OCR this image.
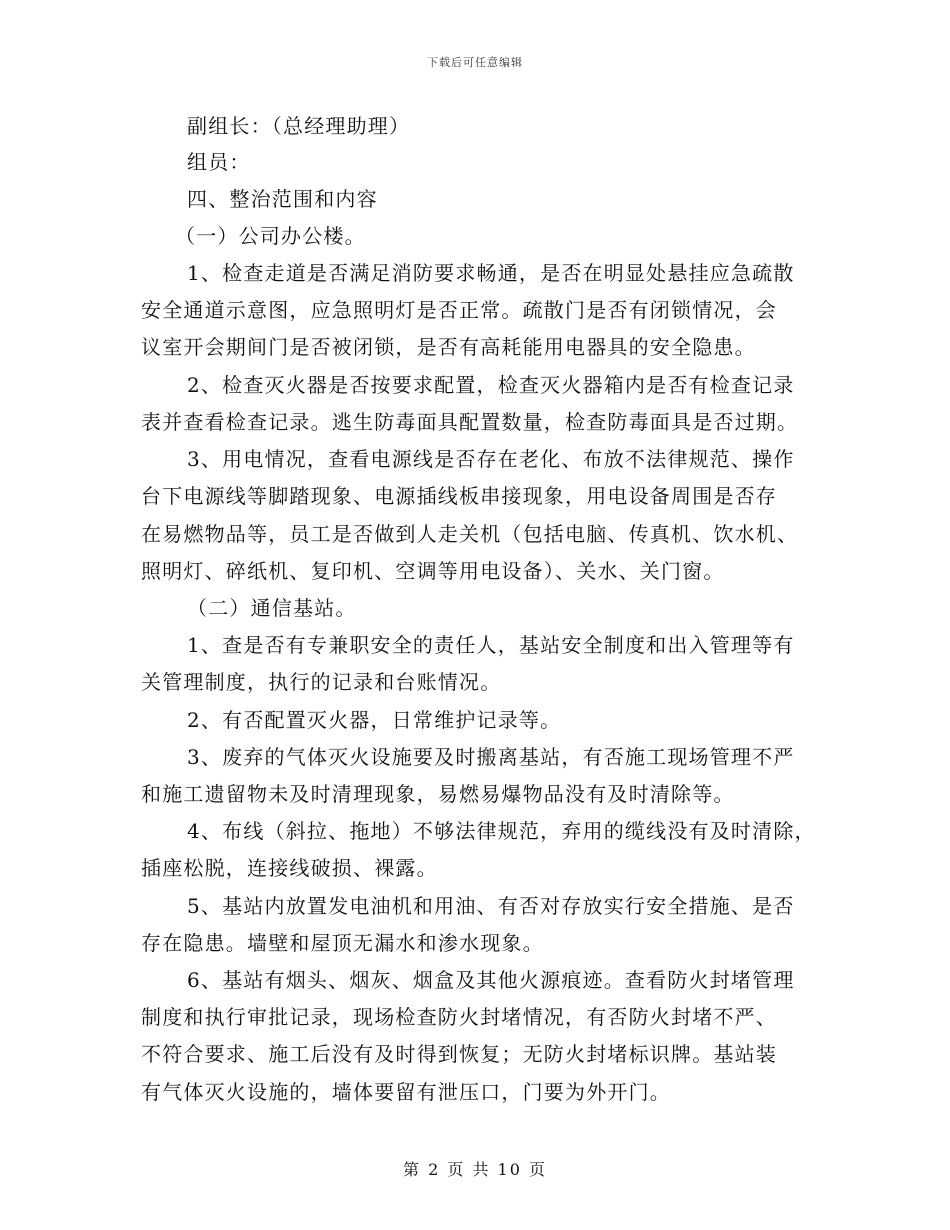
下载后可任意编辑
副组长：（总经理助理）
组员：
四、整治范围和内容
（一）公司办公楼。
1、检查走道是否满足消防要求畅通，是否在明显处悬挂应急疏散
安全通道示意图，应急照明灯是否正常。疏散门是否有闭锁情况，会
议室开会期间门是否被闭锁，是否有高耗能用电器具的安全隐患。
2、检查灭火器是否按要求配置，检查灭火器箱内是否有检查记录
表并查看检查记录。逃生防毒面具配置数量，检查防毒面具是否过期。
3、用电情况，查看电源线是否存在老化、布放不法律规范、操作
台下电源线等脚踏现象、电源插线板串接现象，用电设备周围是否存
在易燃物品等，员工是否做到人走关机（包括电脑、传真机、饮水机、
照明灯、碎纸机、复印机、空调等用电设备）、关水、关门窗。
（二）通信基站。
1、查是否有专兼职安全的责任人，基站安全制度和出入管理等有
关管理制度，执行的记录和台账情况。
2、有否配置灭火器，日常维护记录等。
3、废弃的气体灭火设施要及时搬离基站，有否施工现场管理不严
和施工遗留物未及时清理现象，易燃易爆物品没有及时清除等。
4、布线（斜拉、拖地）不够法律规范，弃用的缆线没有及时清除，
插座松脱，连接线破损、裸露。
5、基站内放置发电油机和用油、有否对存放实行安全措施、是否
存在隐患。墙壁和屋顶无漏水和渗水现象。
6、基站有烟头、烟灰、烟盒及其他火源痕迹。查看防火封堵管理
制度和执行审批记录，现场检查防火封堵情况，有否防火封堵不严、
不符合要求、施工后没有及时得到恢复；无防火封堵标识牌。基站装
有气体灭火设施的，墙体要留有泄压口，门要为外开门。
第 2 页 共 10 页
